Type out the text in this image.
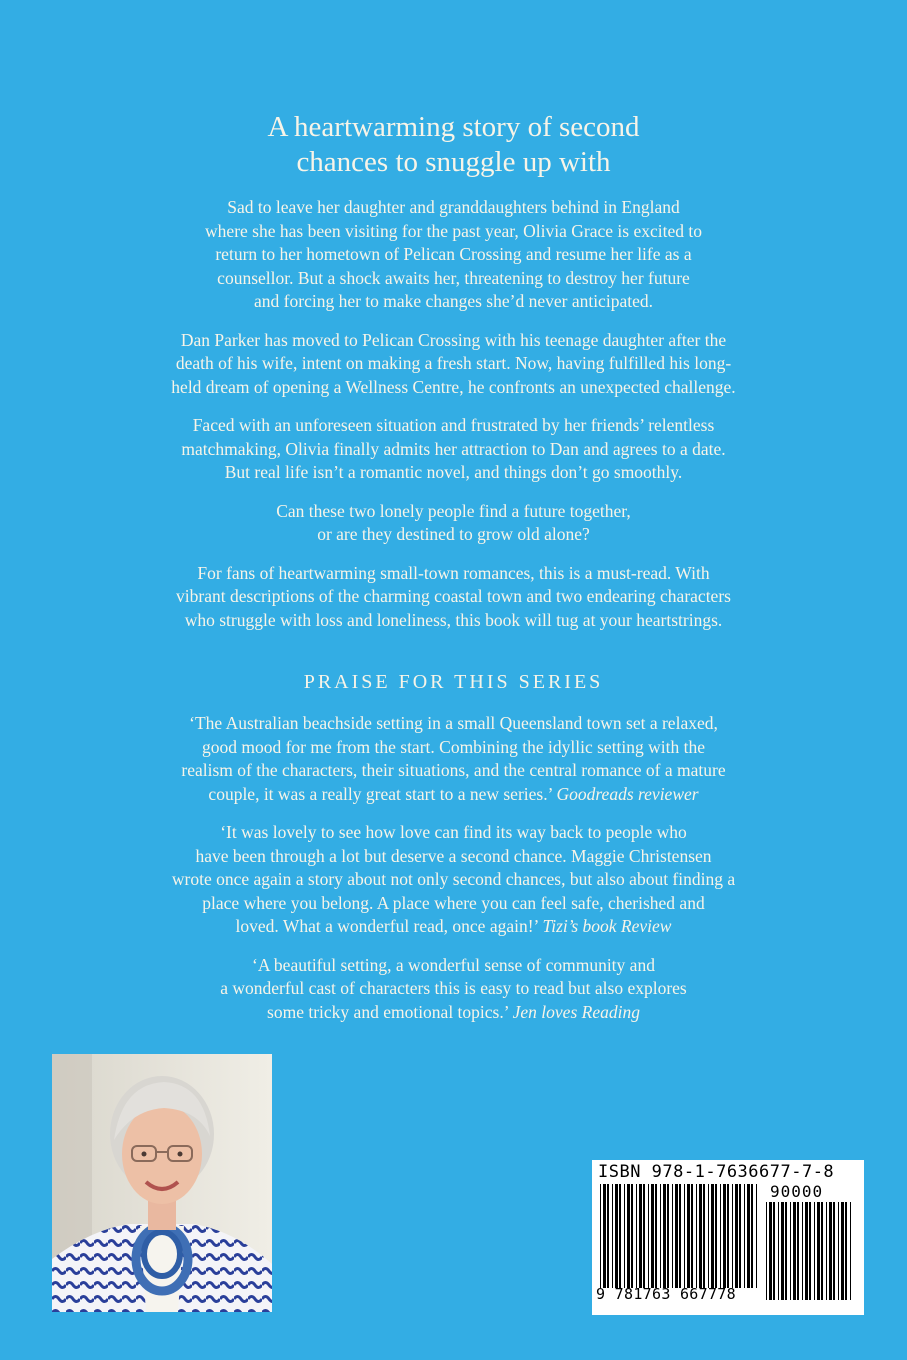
A heartwarming story of second
chances to snuggle up with

Sad to leave her daughter and granddaughters behind in England
where she has been visiting for the past year, Olivia Grace is excited to
return to her hometown of Pelican Crossing and resume her life as a
counsellor. But a shock awaits her, threatening to destroy her future
and forcing her to make changes she’d never anticipated.

Dan Parker has moved to Pelican Crossing with his teenage daughter after the
death of his wife, intent on making a fresh start. Now, having fulfilled his long-
held dream of opening a Wellness Centre, he confronts an unexpected challenge.

Faced with an unforeseen situation and frustrated by her friends’ relentless
matchmaking, Olivia finally admits her attraction to Dan and agrees to a date.
But real life isn’t a romantic novel, and things don’t go smoothly.

Can these two lonely people find a future together,
or are they destined to grow old alone?

For fans of heartwarming small-town romances, this is a must-read. With
vibrant descriptions of the charming coastal town and two endearing characters
who struggle with loss and loneliness, this book will tug at your heartstrings.

PRAISE FOR THIS SERIES

‘The Australian beachside setting in a small Queensland town set a relaxed,
good mood for me from the start. Combining the idyllic setting with the
realism of the characters, their situations, and the central romance of a mature
couple, it was a really great start to a new series.’ Goodreads reviewer

‘It was lovely to see how love can find its way back to people who
have been through a lot but deserve a second chance. Maggie Christensen
wrote once again a story about not only second chances, but also about finding a
place where you belong. A place where you can feel safe, cherished and
loved. What a wonderful read, once again!’ Tizi’s book Review

‘A beautiful setting, a wonderful sense of community and
a wonderful cast of characters this is easy to read but also explores
some tricky and emotional topics.’ Jen loves Reading

ISBN 978-1-7636677-7-8
90000
9 781763 667778
